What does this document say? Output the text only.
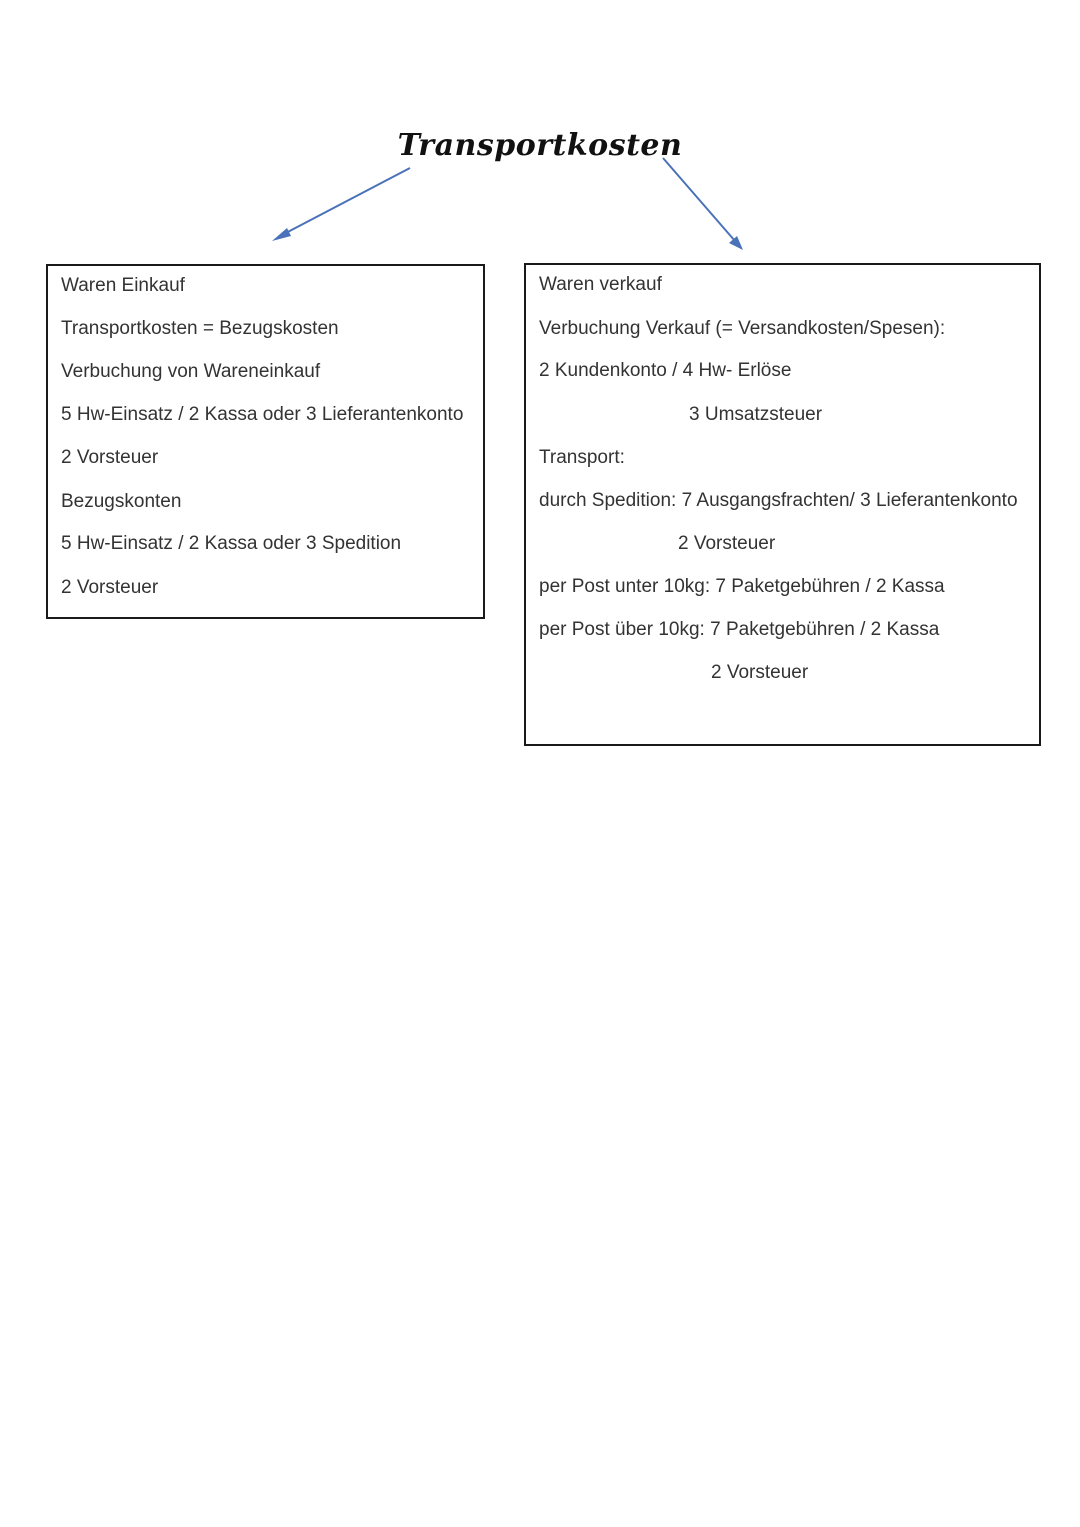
Transportkosten
Waren Einkauf
Transportkosten = Bezugskosten
Verbuchung von Wareneinkauf
5 Hw-Einsatz / 2 Kassa oder 3 Lieferantenkonto
2 Vorsteuer
Bezugskonten
5 Hw-Einsatz / 2 Kassa oder 3 Spedition
2 Vorsteuer
Waren verkauf
Verbuchung Verkauf (= Versandkosten/Spesen):
2 Kundenkonto / 4 Hw- Erlöse
3 Umsatzsteuer
Transport:
durch Spedition: 7 Ausgangsfrachten/ 3 Lieferantenkonto
2 Vorsteuer
per Post unter 10kg: 7 Paketgebühren / 2 Kassa
per Post über 10kg: 7 Paketgebühren / 2 Kassa
2 Vorsteuer
